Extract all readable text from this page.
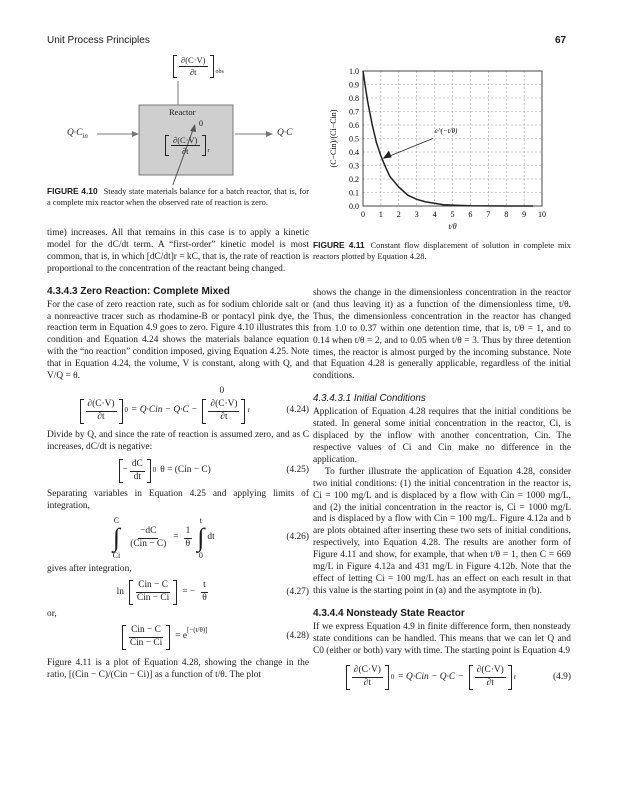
Unit Process Principles	67
$\frac{\partial(C\cdot V)}{\partial t}$ obs
Reactor
0
$\frac{\partial(C\cdot V)}{\partial t}$ r
$Q\cdot C_{in}$	Q·C
FIGURE 4.10 Steady state materials balance for a batch reactor, that is, for a complete mix reactor when the observed rate of reaction is zero.
0 1 2 3 4 5 6 7 8 9 10
0.0
0.1
0.2
0.3
0.4
0.5
0.6
0.7
0.8
0.9
1.0
t/θ
(C−Cin)/(Ci−Cin)	e^(−t/θ)
FIGURE 4.11 Constant flow displacement of solution in complete mix reactors plotted by Equation 4.28.

time) increases. All that remains in this case is to apply a kinetic model for the dC/dt term. A “first-order” kinetic model is most common, that is, in which [dC/dt]r = kC, that is, the rate of reaction is proportional to the concentration of the reactant being changed.

4.3.4.3 Zero Reaction: Complete Mixed

For the case of zero reaction rate, such as for sodium chloride salt or a nonreactive tracer such as rhodamine-B or pontacyl pink dye, the reaction term in Equation 4.9 goes to zero. Figure 4.10 illustrates this condition and Equation 4.24 shows the materials balance equation with the “no reaction” condition imposed, giving Equation 4.25. Note that in Equation 4.24, the volume, V is constant, along with Q, and V/Q = θ.

$\frac{\partial(C\cdot V)}{\partial t} 0 = Q\cdot Cin - Q\cdot C - \frac{\partial(C\cdot V)}{\partial t}$
0
r	(4.24)

Divide by Q, and since the rate of reaction is assumed zero, and as C increases, dC/dt is negative:

− $\frac{dC}{dt} 0$ θ = (Cin − C)	(4.25)

Separating variables in Equation 4.25 and applying limits of integration,

C
∫
Ci
$\frac{-dC}{\text{(Cin − C)}} = \frac{1}{\theta}$
t
∫
0
dt	(4.26)

gives after integration,

$\ln \frac{\text{Cin − C}}{\text{Cin − Ci}}$ = − $\frac{t}{\theta}$	(4.27)

or,

$\frac{\text{Cin − C}}{\text{Cin − Ci}} = e$
[−(t/θ)]
(4.28)

Figure 4.11 is a plot of Equation 4.28, showing the change in the ratio, [(Cin − C)/(Cin − Ci)] as a function of t/θ. The plot

shows the change in the dimensionless concentration in the reactor (and thus leaving it) as a function of the dimensionless time, t/θ. Thus, the dimensionless concentration in the reactor has changed from 1.0 to 0.37 within one detention time, that is, t/θ = 1, and to 0.14 when t/θ = 2, and to 0.05 when t/θ = 3. Thus by three detention times, the reactor is almost purged by the incoming substance. Note that Equation 4.28 is generally applicable, regardless of the initial conditions.

4.3.4.3.1 Initial Conditions

Application of Equation 4.28 requires that the initial conditions be stated. In general some initial concentration in the reactor, Ci, is displaced by the inflow with another concentration, Cin. The respective values of Ci and Cin make no difference in the application.

To further illustrate the application of Equation 4.28, consider two initial conditions: (1) the initial concentration in the reactor is, Ci = 100 mg/L and is displaced by a flow with Cin = 1000 mg/L, and (2) the initial concentration in the reactor is, Ci = 1000 mg/L and is displaced by a flow with Cin = 100 mg/L. Figure 4.12a and b are plots obtained after inserting these two sets of initial conditions, respectively, into Equation 4.28. The results are another form of Figure 4.11 and show, for example, that when t/θ = 1, then C = 669 mg/L in Figure 4.12a and 431 mg/L in Figure 4.12b. Note that the effect of letting Ci = 100 mg/L has an effect on each result in that this value is the starting point in (a) and the asymptote in (b).

4.3.4.4 Nonsteady State Reactor

If we express Equation 4.9 in finite difference form, then nonsteady state conditions can be handled. This means that we can let Q and C0 (either or both) vary with time. The starting point is Equation 4.9

$\frac{\partial(C\cdot V)}{\partial t} 0 = Q\cdot Cin - Q\cdot C - \frac{\partial(C\cdot V)}{\partial t}$ r	(4.9)
